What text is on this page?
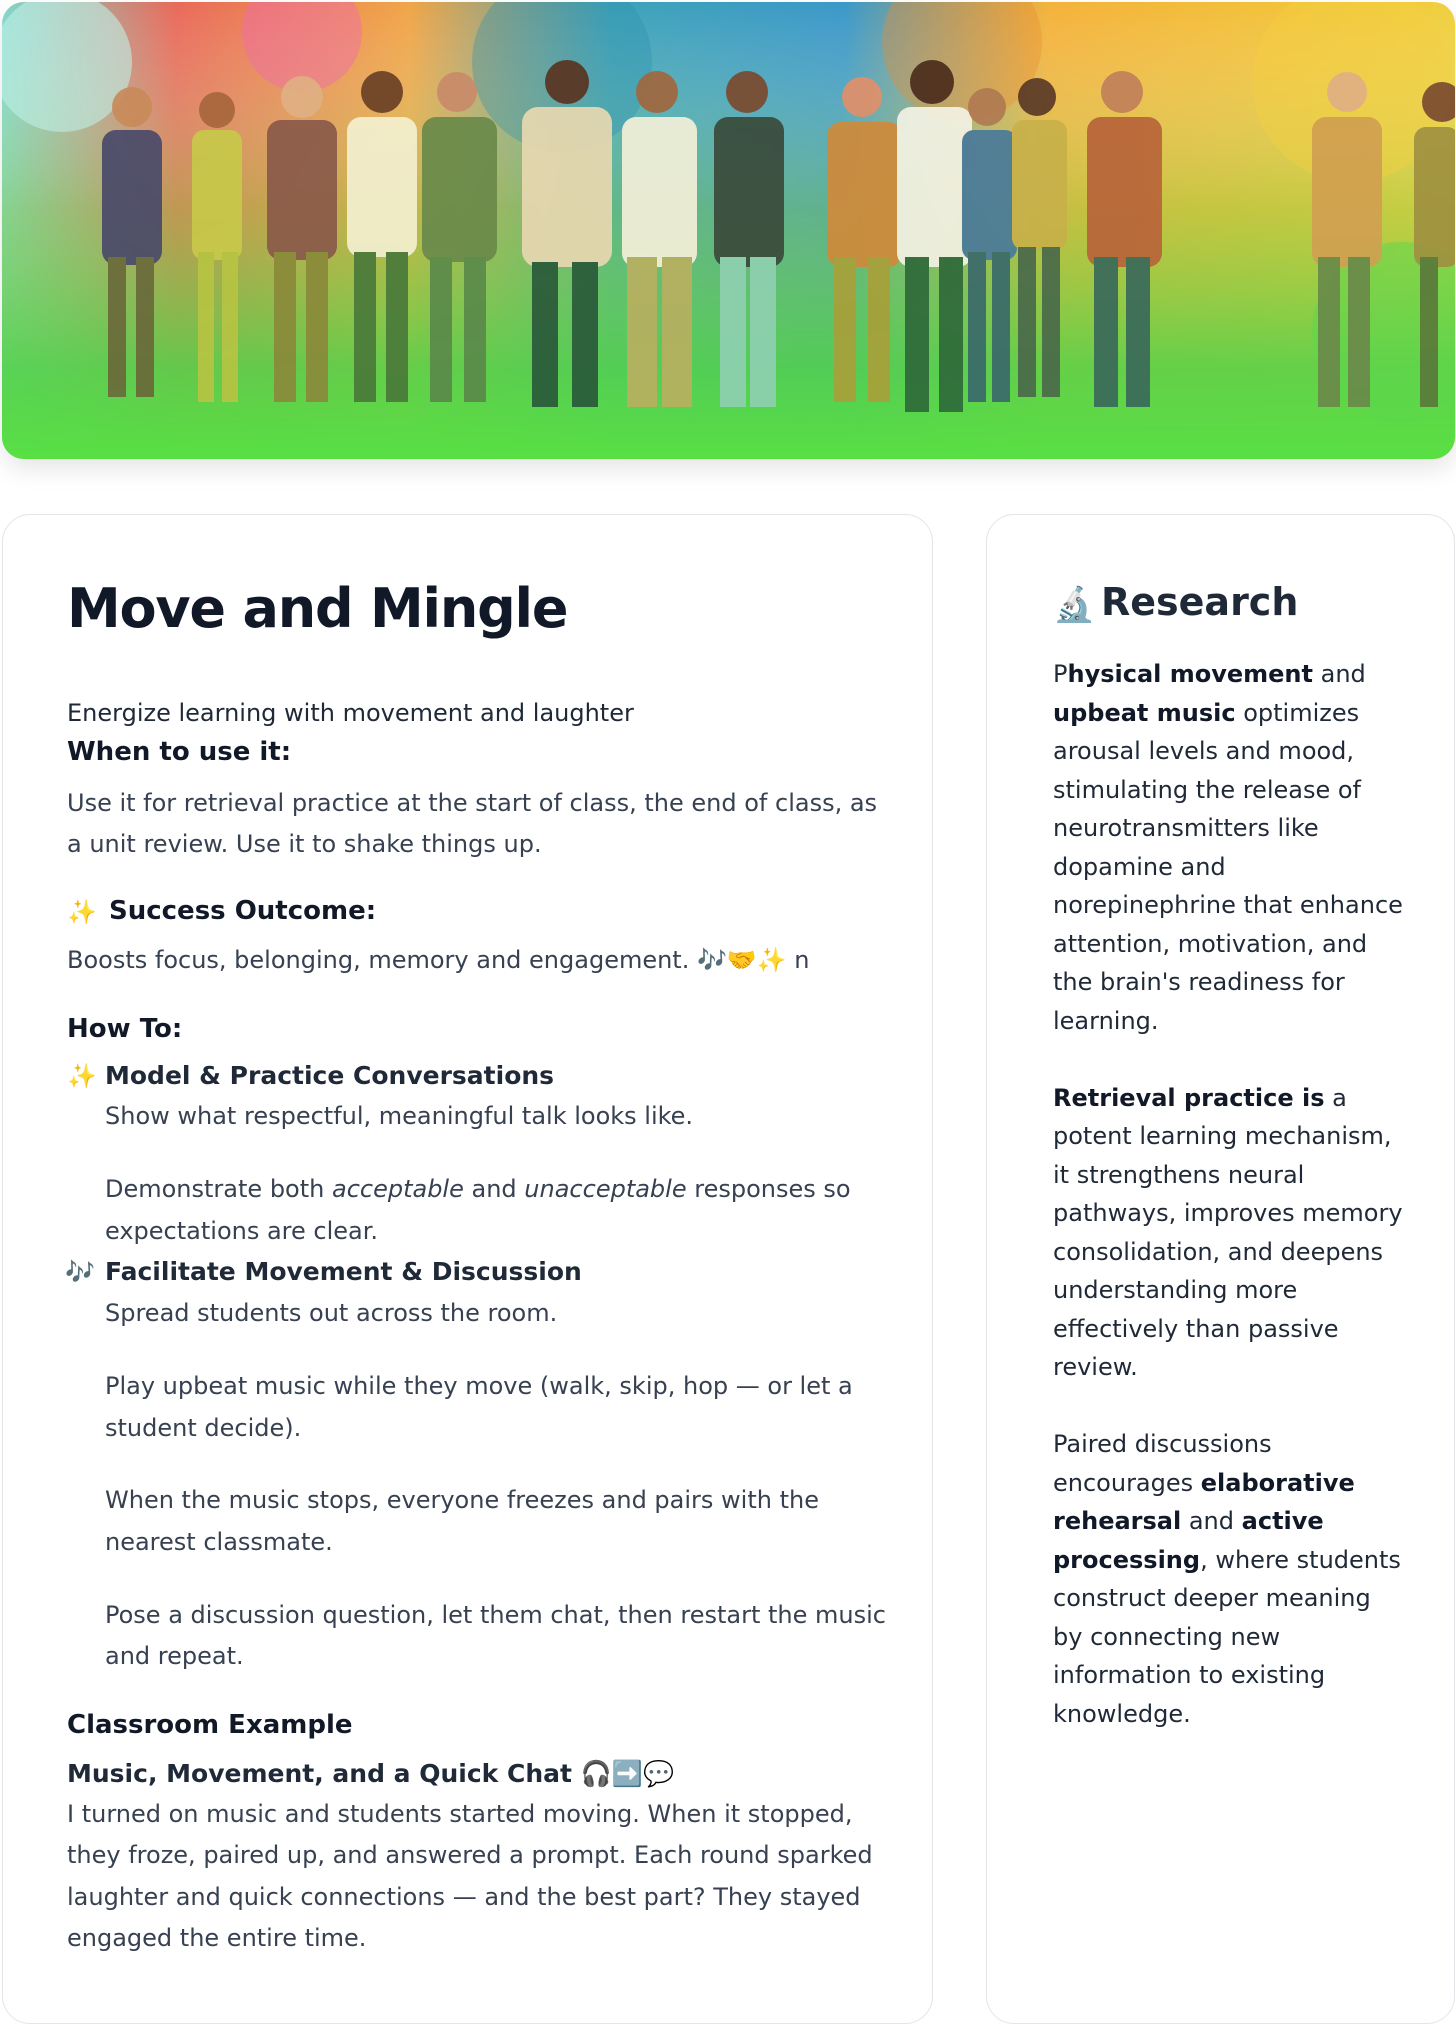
Move and Mingle
Energize learning with movement and laughter
When to use it:
Use it for retrieval practice at the start of class, the end of class, as
a unit review. Use it to shake things up.
✨ Success Outcome:
Boosts focus, belonging, memory and engagement. 🎶🤝✨ n
How To:
✨ Model & Practice Conversations
Show what respectful, meaningful talk looks like.
Demonstrate both acceptable and unacceptable responses so
expectations are clear.
🎶 Facilitate Movement & Discussion
Spread students out across the room.
Play upbeat music while they move (walk, skip, hop — or let a
student decide).
When the music stops, everyone freezes and pairs with the
nearest classmate.
Pose a discussion question, let them chat, then restart the music
and repeat.
Classroom Example
Music, Movement, and a Quick Chat 🎧➡️💬
I turned on music and students started moving. When it stopped,
they froze, paired up, and answered a prompt. Each round sparked
laughter and quick connections — and the best part? They stayed
engaged the entire time.
🔬 Research
Physical movement and
upbeat music optimizes
arousal levels and mood,
stimulating the release of
neurotransmitters like
dopamine and
norepinephrine that enhance
attention, motivation, and
the brain's readiness for
learning.
Retrieval practice is a
potent learning mechanism,
it strengthens neural
pathways, improves memory
consolidation, and deepens
understanding more
effectively than passive
review.
Paired discussions
encourages elaborative
rehearsal and active
processing, where students
construct deeper meaning
by connecting new
information to existing
knowledge.
